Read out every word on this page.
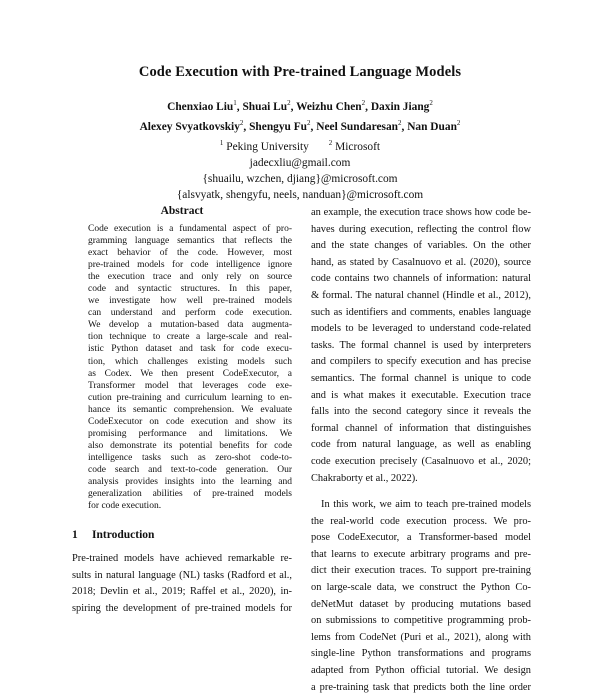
Code Execution with Pre-trained Language Models
Chenxiao Liu$^1$, Shuai Lu$^2$, Weizhu Chen$^2$, Daxin Jiang$^2$
Alexey Svyatkovskiy$^2$, Shengyu Fu$^2$, Neel Sundaresan$^2$, Nan Duan$^2$
$^1$ Peking University	$^2$ Microsoft
jadecxliu@gmail.com
{shuailu, wzchen, djiang}@microsoft.com
{alsvyatk, shengyfu, neels, nanduan}@microsoft.com
Abstract
Code execution is a fundamental aspect of pro-
gramming language semantics that reflects the
exact behavior of the code. However, most
pre-trained models for code intelligence ignore
the execution trace and only rely on source
code and syntactic structures. In this paper,
we investigate how well pre-trained models
can understand and perform code execution.
We develop a mutation-based data augmenta-
tion technique to create a large-scale and real-
istic Python dataset and task for code execu-
tion, which challenges existing models such
as Codex. We then present CodeExecutor, a
Transformer model that leverages code exe-
cution pre-training and curriculum learning to en-
hance its semantic comprehension. We evaluate
CodeExecutor on code execution and show its
promising performance and limitations. We
also demonstrate its potential benefits for code
intelligence tasks such as zero-shot code-to-
code search and text-to-code generation. Our
analysis provides insights into the learning and
generalization abilities of pre-trained models
for code execution.
1 Introduction
Pre-trained models have achieved remarkable re-
sults in natural language (NL) tasks (Radford et al.,
2018; Devlin et al., 2019; Raffel et al., 2020), in-
spiring the development of pre-trained models for
an example, the execution trace shows how code be-
haves during execution, reflecting the control flow
and the state changes of variables. On the other
hand, as stated by Casalnuovo et al. (2020), source
code contains two channels of information: natural
& formal. The natural channel (Hindle et al., 2012),
such as identifiers and comments, enables language
models to be leveraged to understand code-related
tasks. The formal channel is used by interpreters
and compilers to specify execution and has precise
semantics. The formal channel is unique to code
and is what makes it executable. Execution trace
falls into the second category since it reveals the
formal channel of information that distinguishes
code from natural language, as well as enabling
code execution precisely (Casalnuovo et al., 2020;
Chakraborty et al., 2022).
In this work, we aim to teach pre-trained models
the real-world code execution process. We pro-
pose CodeExecutor, a Transformer-based model
that learns to execute arbitrary programs and pre-
dict their execution traces. To support pre-training
on large-scale data, we construct the Python Co-
deNetMut dataset by producing mutations based
on submissions to competitive programming prob-
lems from CodeNet (Puri et al., 2021), along with
single-line Python transformations and programs
adapted from Python official tutorial. We design
a pre-training task that predicts both the line order
